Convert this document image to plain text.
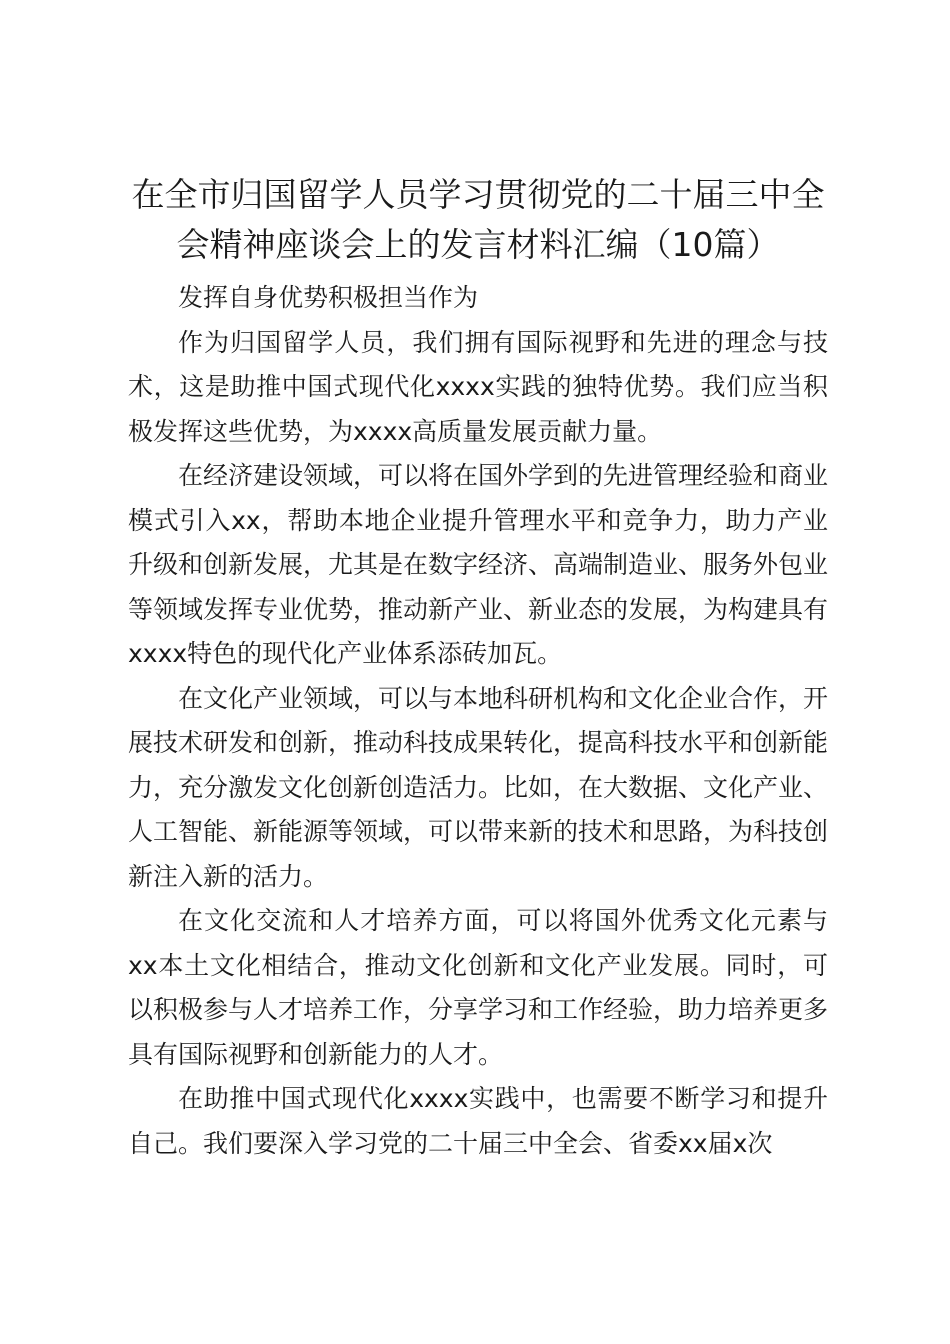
在全市归国留学人员学习贯彻党的二十届三中全会精神座谈会上的发言材料汇编（10篇）

发挥自身优势积极担当作为

作为归国留学人员，我们拥有国际视野和先进的理念与技术，这是助推中国式现代化xxxx实践的独特优势。我们应当积极发挥这些优势，为xxxx高质量发展贡献力量。

在经济建设领域，可以将在国外学到的先进管理经验和商业模式引入xx，帮助本地企业提升管理水平和竞争力，助力产业升级和创新发展，尤其是在数字经济、高端制造业、服务外包业等领域发挥专业优势，推动新产业、新业态的发展，为构建具有xxxx特色的现代化产业体系添砖加瓦。

在文化产业领域，可以与本地科研机构和文化企业合作，开展技术研发和创新，推动科技成果转化，提高科技水平和创新能力，充分激发文化创新创造活力。比如，在大数据、文化产业、人工智能、新能源等领域，可以带来新的技术和思路，为科技创新注入新的活力。

在文化交流和人才培养方面，可以将国外优秀文化元素与xx本土文化相结合，推动文化创新和文化产业发展。同时，可以积极参与人才培养工作，分享学习和工作经验，助力培养更多具有国际视野和创新能力的人才。

在助推中国式现代化xxxx实践中，也需要不断学习和提升自己。我们要深入学习党的二十届三中全会、省委xx届x次
